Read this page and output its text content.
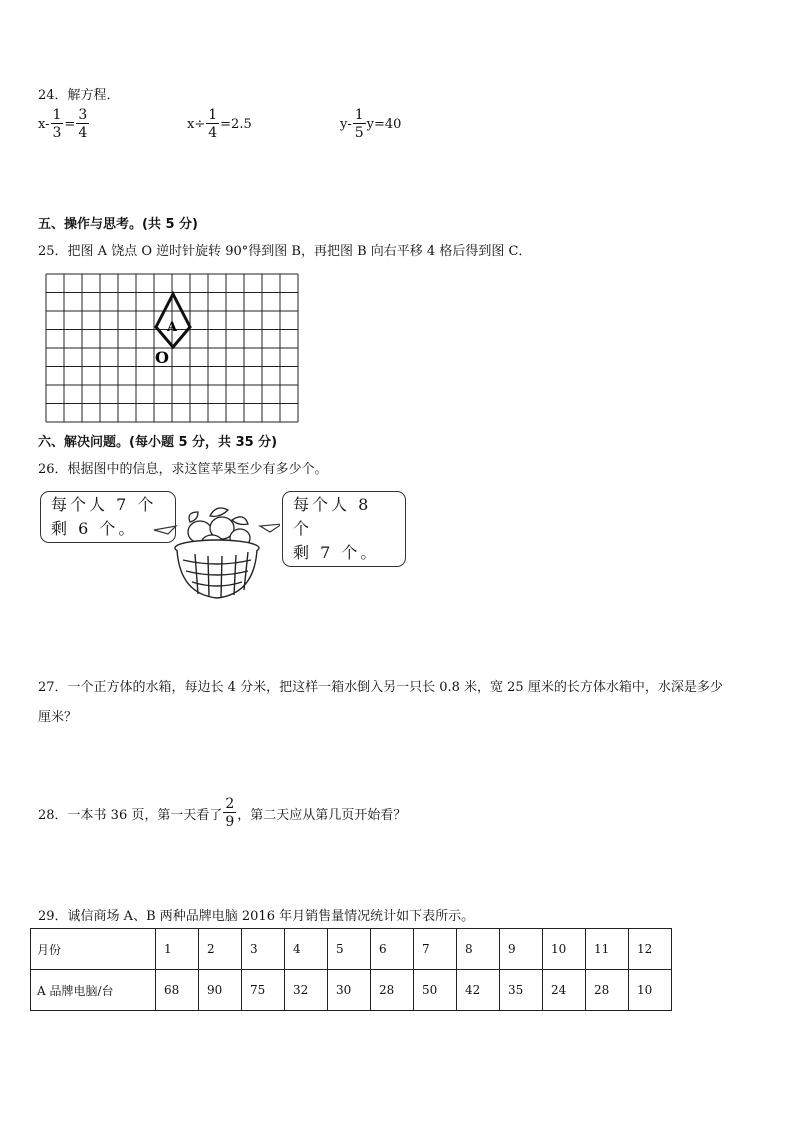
24．解方程．
$x- \frac{1}{3} = \frac{3}{4}$	$x\div \frac{1}{4} =2.5$	$y- \frac{1}{5} y=40$
五、操作与思考。(共 5 分)
25．把图 A 饶点 O 逆时针旋转 90°得到图 B，再把图 B 向右平移 4 格后得到图 C．
A
O
六、解决问题。(每小题 5 分，共 35 分)
26．根据图中的信息，求这筐苹果至少有多少个。
每个人 7 个
剩 6 个。
每个人 8 个
剩 7 个。
27．一个正方体的水箱，每边长 4 分米，把这样一箱水倒入另一只长 0.8 米，宽 25 厘米的长方体水箱中，水深是多少
厘米？
28．一本书 36 页，第一天看了 $\frac{2}{9}$ ，第二天应从第几页开始看？
29．诚信商场 A、B 两种品牌电脑 2016 年月销售量情况统计如下表所示。
月份	1	2	3	4	5	6	7	8	9	10	11	12
A 品牌电脑/台	68	90	75	32	30	28	50	42	35	24	28	10
